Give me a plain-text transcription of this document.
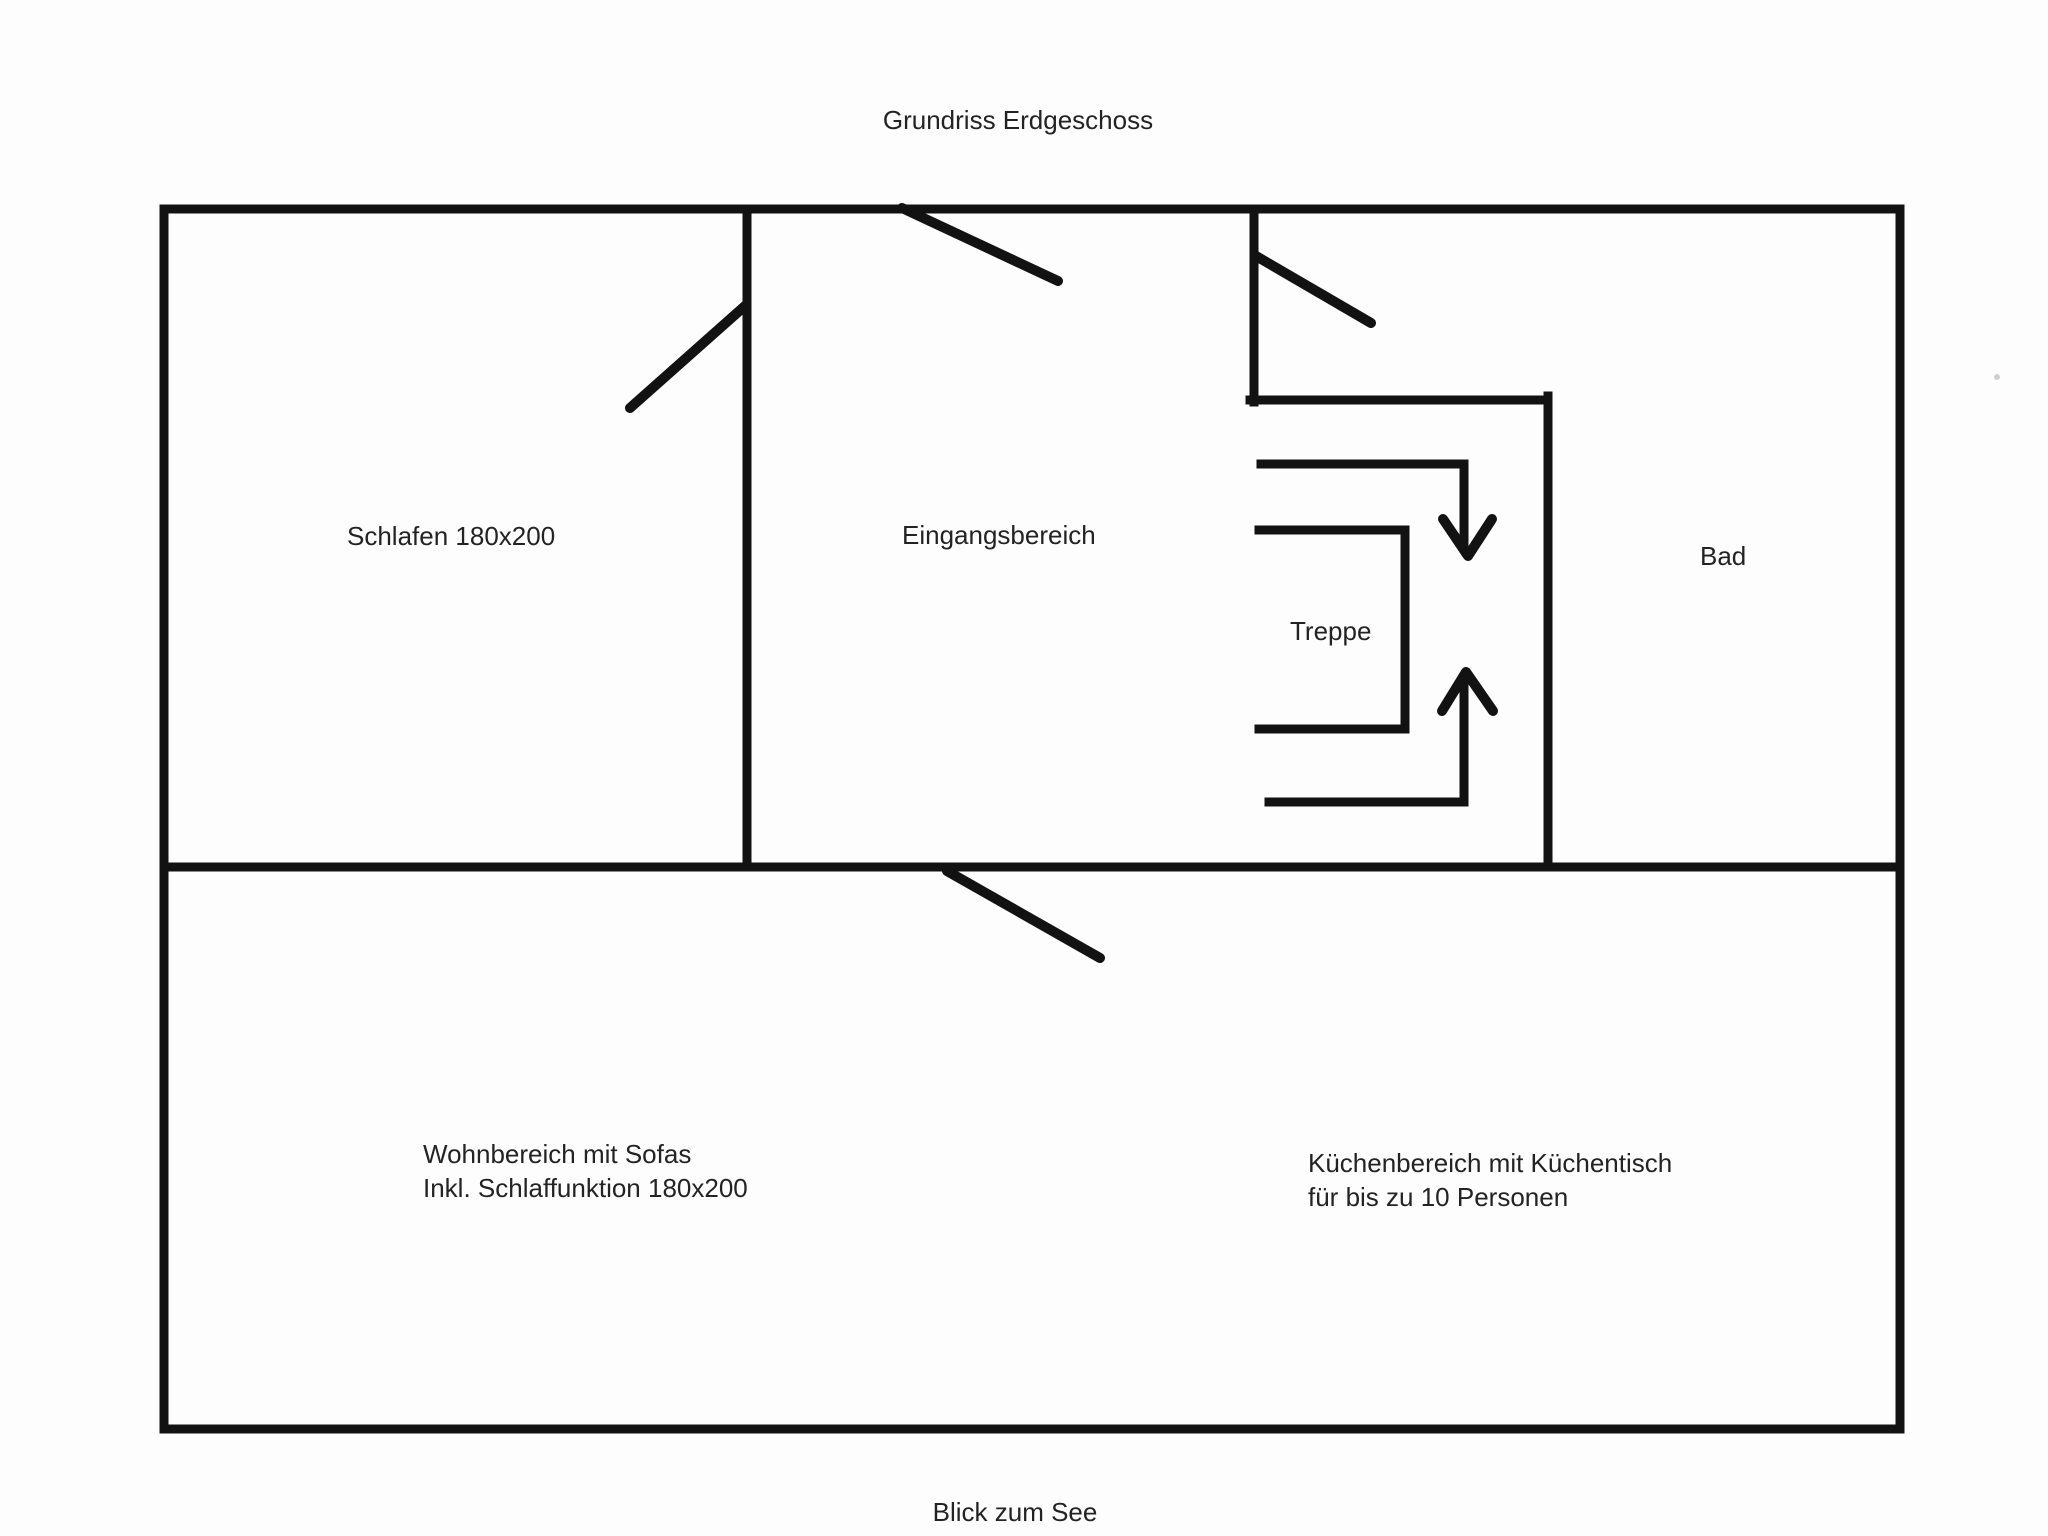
Grundriss Erdgeschoss
Schlafen 180x200	Eingangsbereich
Treppe
Bad
Wohnbereich mit Sofas
Inkl. Schlaffunktion 180x200
Küchenbereich mit Küchentisch
für bis zu 10 Personen
Blick zum See
